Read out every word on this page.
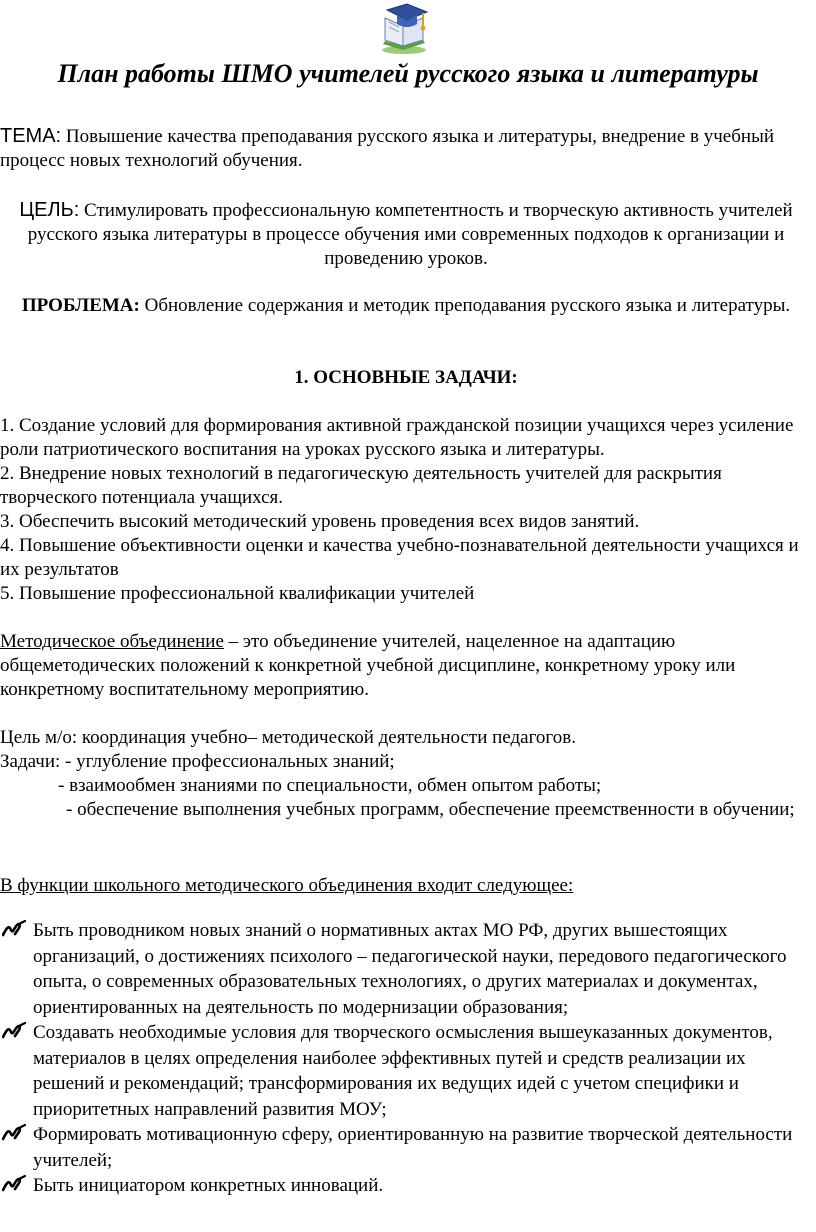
План работы ШМО учителей русского языка и литературы

ТЕМА: Повышение качества преподавания русского языка и литературы, внедрение в учебный процесс новых технологий обучения.

ЦЕЛЬ: Стимулировать профессиональную компетентность и творческую активность учителей русского языка литературы в процессе обучения ими современных подходов к организации и проведению уроков.

ПРОБЛЕМА: Обновление содержания и методик преподавания русского языка и литературы.

1. ОСНОВНЫЕ ЗАДАЧИ:

1. Создание условий для формирования активной гражданской позиции учащихся через усиление роли патриотического воспитания на уроках русского языка и литературы.
2. Внедрение новых технологий в педагогическую деятельность учителей для раскрытия творческого потенциала учащихся.
3. Обеспечить высокий методический уровень проведения всех видов занятий.
4. Повышение объективности оценки и качества учебно-познавательной деятельности учащихся и их результатов
5. Повышение профессиональной квалификации учителей

Методическое объединение – это объединение учителей, нацеленное на адаптацию общеметодических положений к конкретной учебной дисциплине, конкретному уроку или конкретному воспитательному мероприятию.

Цель м/о: координация учебно– методической деятельности педагогов.
Задачи: - углубление профессиональных знаний;
- взаимообмен знаниями по специальности, обмен опытом работы;
- обеспечение выполнения учебных программ, обеспечение преемственности в обучении;

В функции школьного методического объединения входит следующее:

Быть проводником новых знаний о нормативных актах МО РФ, других вышестоящих организаций, о достижениях психолого – педагогической науки, передового педагогического опыта, о современных образовательных технологиях, о других материалах и документах, ориентированных на деятельность по модернизации образования;
Создавать необходимые условия для творческого осмысления вышеуказанных документов, материалов в целях определения наиболее эффективных путей и средств реализации их решений и рекомендаций; трансформирования их ведущих идей с учетом специфики и приоритетных направлений развития МОУ;
Формировать мотивационную сферу, ориентированную на развитие творческой деятельности учителей;
Быть инициатором конкретных инноваций.
